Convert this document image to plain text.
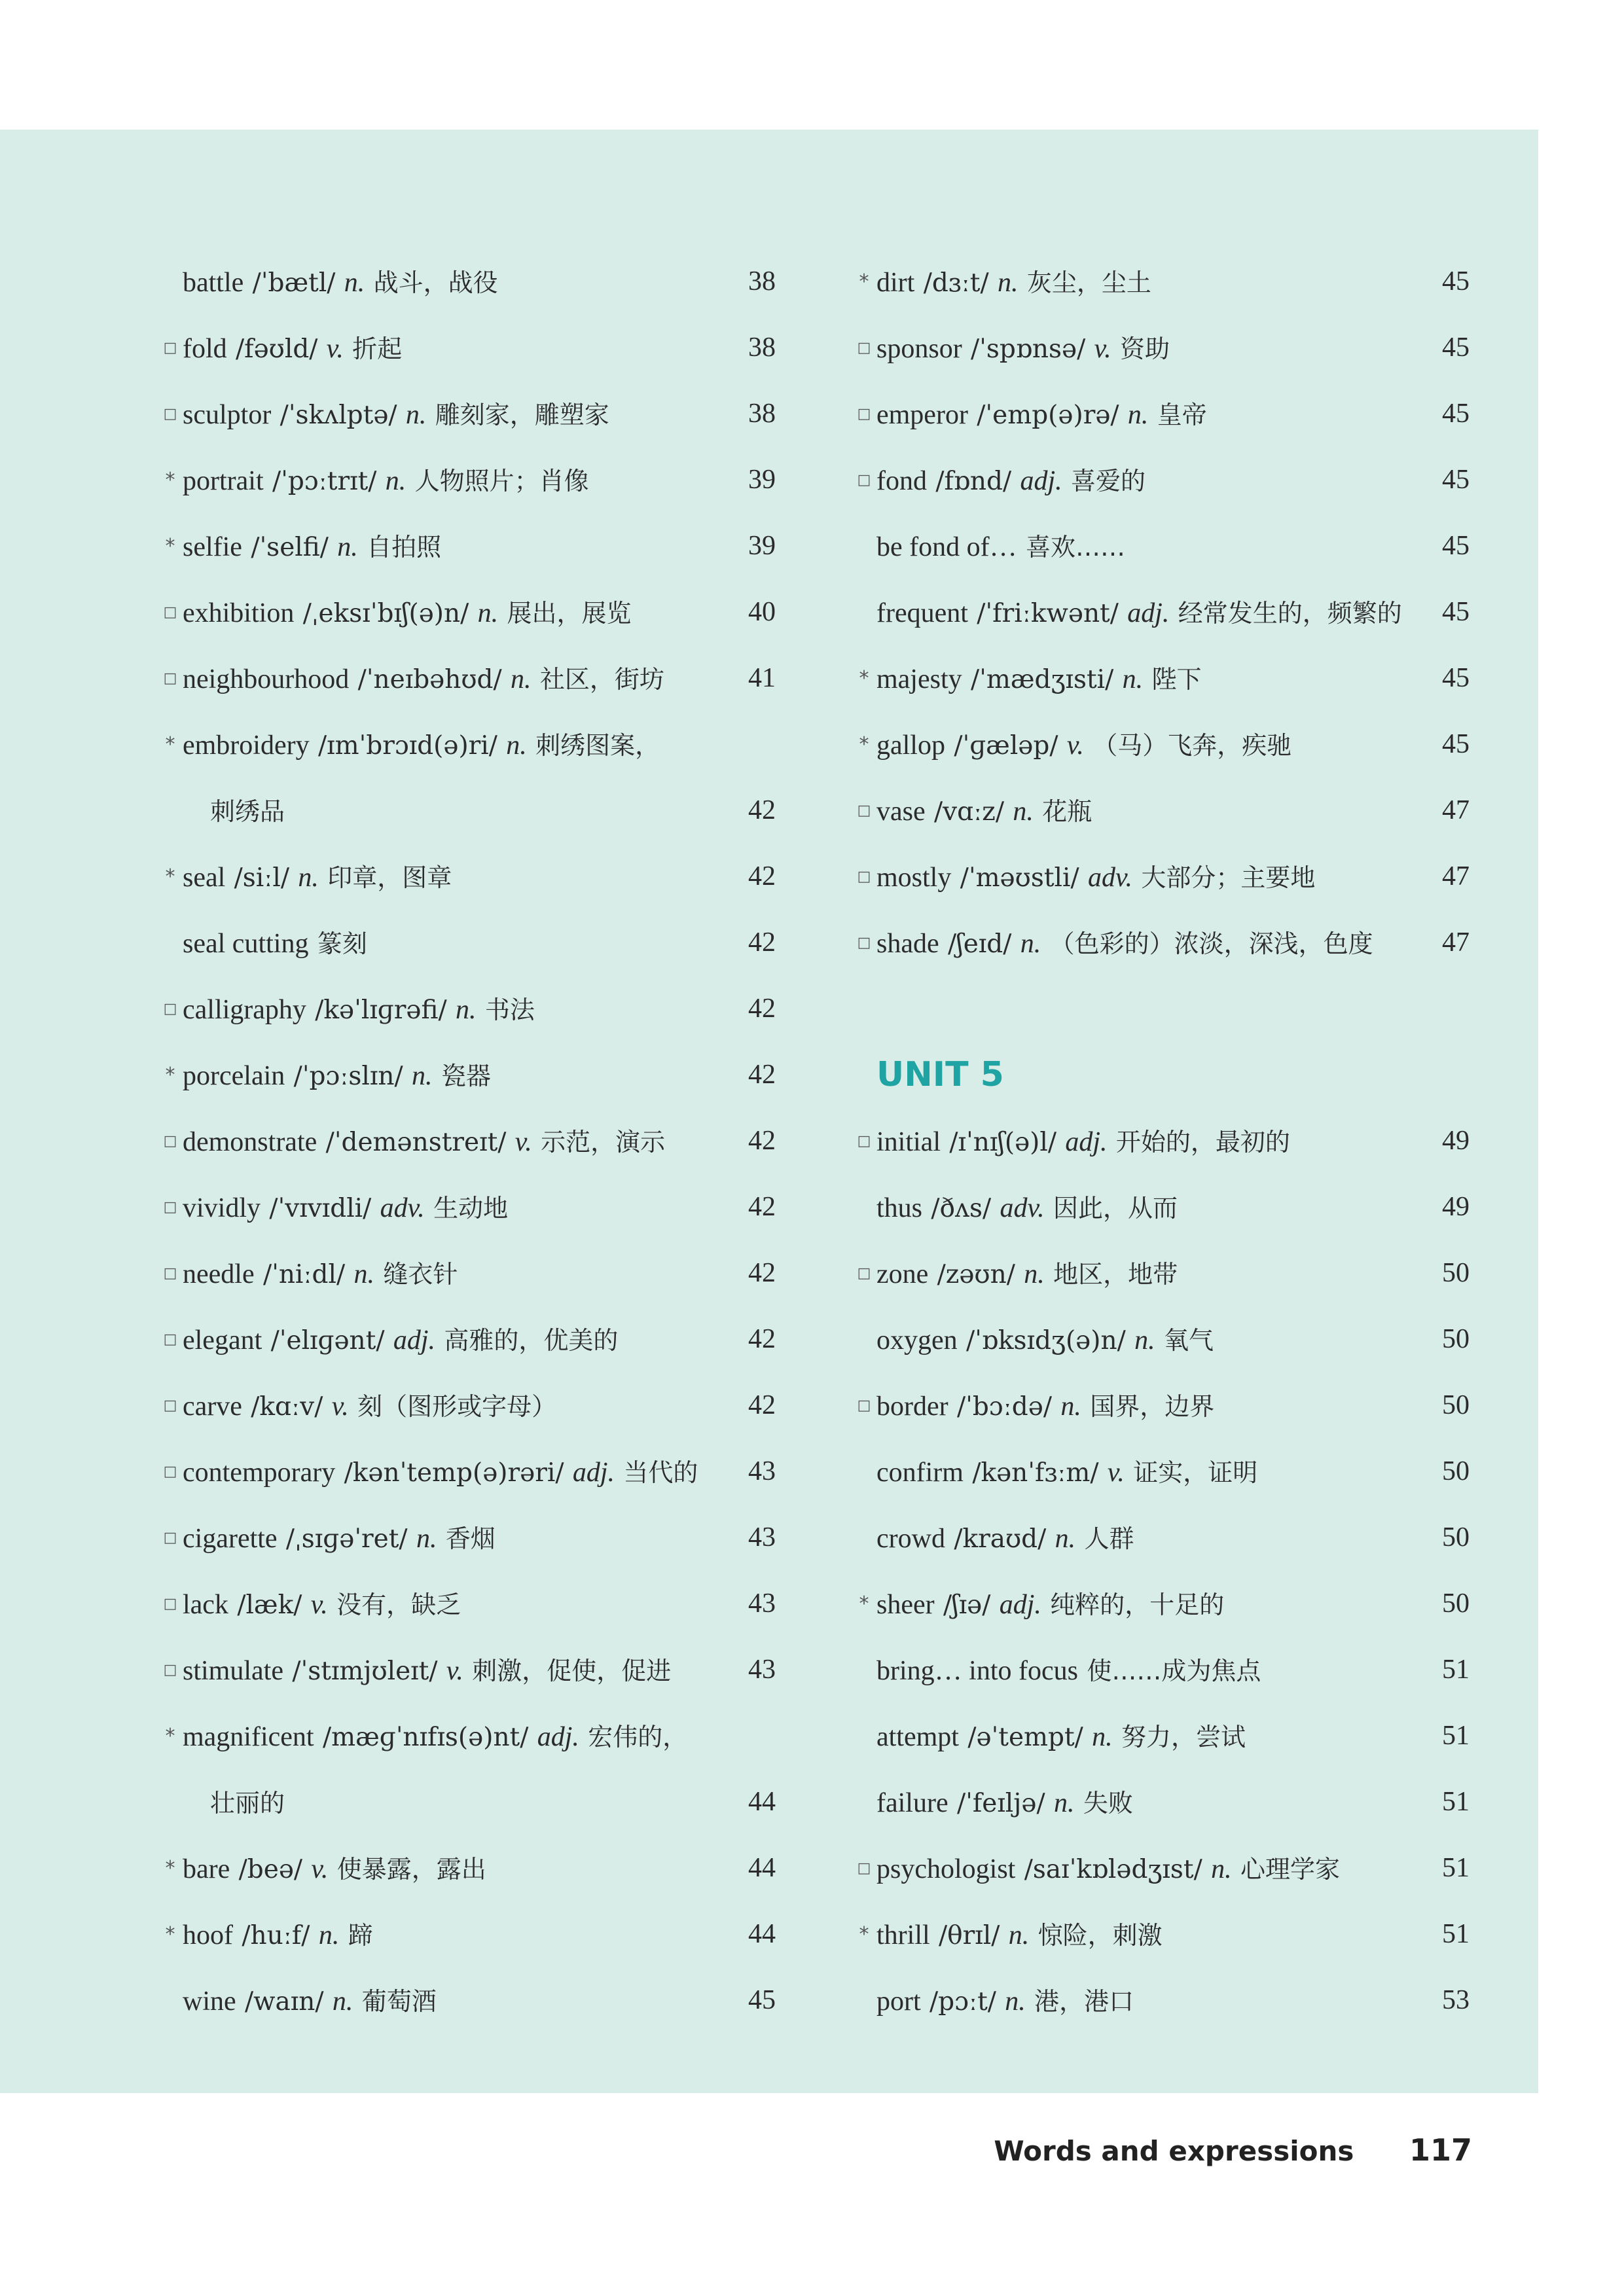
battle /ˈbætl/ n. 战斗，战役	38
□ fold /fəʊld/ v. 折起	38
□ sculptor /ˈskʌlptə/ n. 雕刻家，雕塑家	38
* portrait /ˈpɔːtrɪt/ n. 人物照片；肖像	39
* selfie /ˈselfi/ n. 自拍照	39
□ exhibition /ˌeksɪˈbɪʃ(ə)n/ n. 展出，展览	40
□ neighbourhood /ˈneɪbəhʊd/ n. 社区，街坊	41
* embroidery /ɪmˈbrɔɪd(ə)ri/ n. 刺绣图案，
刺绣品	42
* seal /siːl/ n. 印章，图章	42
seal cutting 篆刻	42
□ calligraphy /kəˈlɪɡrəfi/ n. 书法	42
* porcelain /ˈpɔːslɪn/ n. 瓷器	42
□ demonstrate /ˈdemənstreɪt/ v. 示范，演示	42
□ vividly /ˈvɪvɪdli/ adv. 生动地	42
□ needle /ˈniːdl/ n. 缝衣针	42
□ elegant /ˈelɪɡənt/ adj. 高雅的，优美的	42
□ carve /kɑːv/ v. 刻（图形或字母）	42
□ contemporary /kənˈtemp(ə)rəri/ adj. 当代的	43
□ cigarette /ˌsɪɡəˈret/ n. 香烟	43
□ lack /læk/ v. 没有，缺乏	43
□ stimulate /ˈstɪmjʊleɪt/ v. 刺激，促使，促进	43
* magnificent /mæɡˈnɪfɪs(ə)nt/ adj. 宏伟的，
壮丽的	44
* bare /beə/ v. 使暴露，露出	44
* hoof /huːf/ n. 蹄	44
wine /waɪn/ n. 葡萄酒	45
* dirt /dɜːt/ n. 灰尘，尘土	45
□ sponsor /ˈspɒnsə/ v. 资助	45
□ emperor /ˈemp(ə)rə/ n. 皇帝	45
□ fond /fɒnd/ adj. 喜爱的	45
be fond of… 喜欢……	45
frequent /ˈfriːkwənt/ adj. 经常发生的，频繁的	45
* majesty /ˈmædʒɪsti/ n. 陛下	45
* gallop /ˈɡæləp/ v. （马）飞奔，疾驰	45
□ vase /vɑːz/ n. 花瓶	47
□ mostly /ˈməʊstli/ adv. 大部分；主要地	47
□ shade /ʃeɪd/ n. （色彩的）浓淡，深浅，色度	47
UNIT 5
□ initial /ɪˈnɪʃ(ə)l/ adj. 开始的，最初的	49
thus /ðʌs/ adv. 因此，从而	49
□ zone /zəʊn/ n. 地区，地带	50
oxygen /ˈɒksɪdʒ(ə)n/ n. 氧气	50
□ border /ˈbɔːdə/ n. 国界，边界	50
confirm /kənˈfɜːm/ v. 证实，证明	50
crowd /kraʊd/ n. 人群	50
* sheer /ʃɪə/ adj. 纯粹的，十足的	50
bring… into focus 使……成为焦点	51
attempt /əˈtempt/ n. 努力，尝试	51
failure /ˈfeɪljə/ n. 失败	51
□ psychologist /saɪˈkɒlədʒɪst/ n. 心理学家	51
* thrill /θrɪl/ n. 惊险，刺激	51
port /pɔːt/ n. 港，港口	53
Words and expressions 117
